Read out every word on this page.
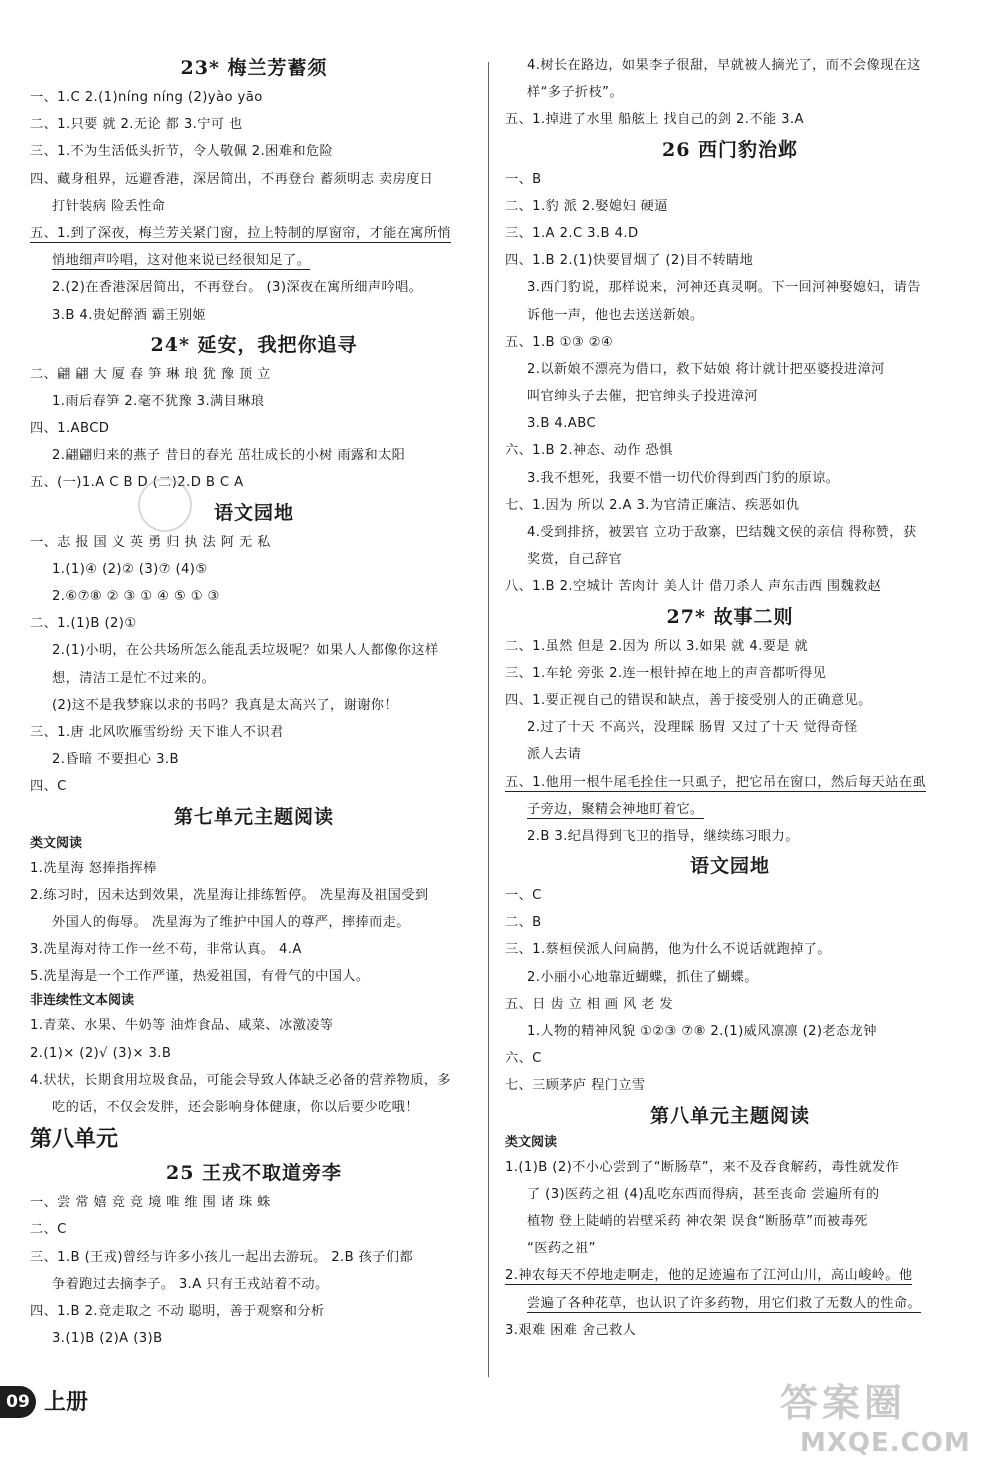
23* 梅兰芳蓄须
一、1.C 2.(1)níng níng (2)yào yāo
二、1.只要 就 2.无论 都 3.宁可 也
三、1.不为生活低头折节，令人敬佩 2.困难和危险
四、藏身租界，远避香港，深居简出，不再登台 蓄须明志 卖房度日
打针装病 险丢性命
五、1.到了深夜，梅兰芳关紧门窗，拉上特制的厚窗帘，才能在寓所悄
悄地细声吟唱，这对他来说已经很知足了。
2.(2)在香港深居简出，不再登台。 (3)深夜在寓所细声吟唱。
3.B 4.贵妃醉酒 霸王别姬
24* 延安，我把你追寻
二、翩 翩 大 厦 春 笋 琳 琅 犹 豫 顶 立
1.雨后春笋 2.毫不犹豫 3.满目琳琅
四、1.ABCD
2.翩翩归来的燕子 昔日的春光 茁壮成长的小树 雨露和太阳
五、(一)1.A C B D (二)2.D B C A
语文园地
一、志 报 国 义 英 勇 归 执 法 阿 无 私
1.(1)④ (2)② (3)⑦ (4)⑤
2.⑥⑦⑧ ② ③ ① ④ ⑤ ① ③
二、1.(1)B (2)①
2.(1)小明，在公共场所怎么能乱丢垃圾呢？如果人人都像你这样
想，清洁工是忙不过来的。
(2)这不是我梦寐以求的书吗？我真是太高兴了，谢谢你！
三、1.唐 北风吹雁雪纷纷 天下谁人不识君
2.昏暗 不要担心 3.B
四、C
第七单元主题阅读
类文阅读
1.冼星海 怒捧指挥棒
2.练习时，因未达到效果，冼星海让排练暂停。 冼星海及祖国受到
外国人的侮辱。 冼星海为了维护中国人的尊严，摔捧而走。
3.冼星海对待工作一丝不苟，非常认真。 4.A
5.冼星海是一个工作严谨，热爱祖国，有骨气的中国人。
非连续性文本阅读
1.青菜、水果、牛奶等 油炸食品、咸菜、冰激凌等
2.(1)× (2)√ (3)× 3.B
4.状状，长期食用垃圾食品，可能会导致人体缺乏必备的营养物质，多
吃的话，不仅会发胖，还会影响身体健康，你以后要少吃哦！
第八单元
25 王戎不取道旁李
一、尝 常 嬉 竞 竞 境 唯 维 围 诸 珠 蛛
二、C
三、1.B (王戎)曾经与许多小孩儿一起出去游玩。 2.B 孩子们都
争着跑过去摘李子。 3.A 只有王戎站着不动。
四、1.B 2.竞走取之 不动 聪明，善于观察和分析
3.(1)B (2)A (3)B
4.树长在路边，如果李子很甜，早就被人摘光了，而不会像现在这
样“多子折枝”。
五、1.掉进了水里 船舷上 找自己的剑 2.不能 3.A
26 西门豹治邺
一、B
二、1.豹 派 2.娶媳妇 硬逼
三、1.A 2.C 3.B 4.D
四、1.B 2.(1)快要冒烟了 (2)目不转睛地
3.西门豹说，那样说来，河神还真灵啊。下一回河神娶媳妇，请告
诉他一声，他也去送送新娘。
五、1.B ①③ ②④
2.以新娘不漂亮为借口，救下姑娘 将计就计把巫婆投进漳河
叫官绅头子去催，把官绅头子投进漳河
3.B 4.ABC
六、1.B 2.神态、动作 恐惧
3.我不想死，我要不惜一切代价得到西门豹的原谅。
七、1.因为 所以 2.A 3.为官清正廉洁、疾恶如仇
4.受到排挤，被罢官 立功于敌寨，巴结魏文侯的亲信 得称赞，获
奖赏，自己辞官
八、1.B 2.空城计 苦肉计 美人计 借刀杀人 声东击西 围魏救赵
27* 故事二则
二、1.虽然 但是 2.因为 所以 3.如果 就 4.要是 就
三、1.车轮 旁张 2.连一根针掉在地上的声音都听得见
四、1.要正视自己的错误和缺点，善于接受别人的正确意见。
2.过了十天 不高兴，没理睬 肠胃 又过了十天 觉得奇怪
派人去请
五、1.他用一根牛尾毛拴住一只虱子，把它吊在窗口，然后每天站在虱
子旁边，聚精会神地盯着它。
2.B 3.纪昌得到飞卫的指导，继续练习眼力。
语文园地
一、C
二、B
三、1.蔡桓侯派人问扁鹊，他为什么不说话就跑掉了。
2.小丽小心地靠近蝴蝶，抓住了蝴蝶。
五、日 齿 立 相 画 风 老 发
1.人物的精神风貌 ①②③ ⑦⑧ 2.(1)威风凛凛 (2)老态龙钟
六、C
七、三顾茅庐 程门立雪
第八单元主题阅读
类文阅读
1.(1)B (2)不小心尝到了“断肠草”，来不及吞食解药，毒性就发作
了 (3)医药之祖 (4)乱吃东西而得病，甚至丧命 尝遍所有的
植物 登上陡峭的岩壁采药 神农架 误食“断肠草”而被毒死
“医药之祖”
2.神农每天不停地走啊走，他的足迹遍布了江河山川，高山峻岭。他
尝遍了各种花草，也认识了许多药物，用它们救了无数人的性命。
3.艰难 困难 舍己救人
09 上册	答案圈
MXQE.COM
